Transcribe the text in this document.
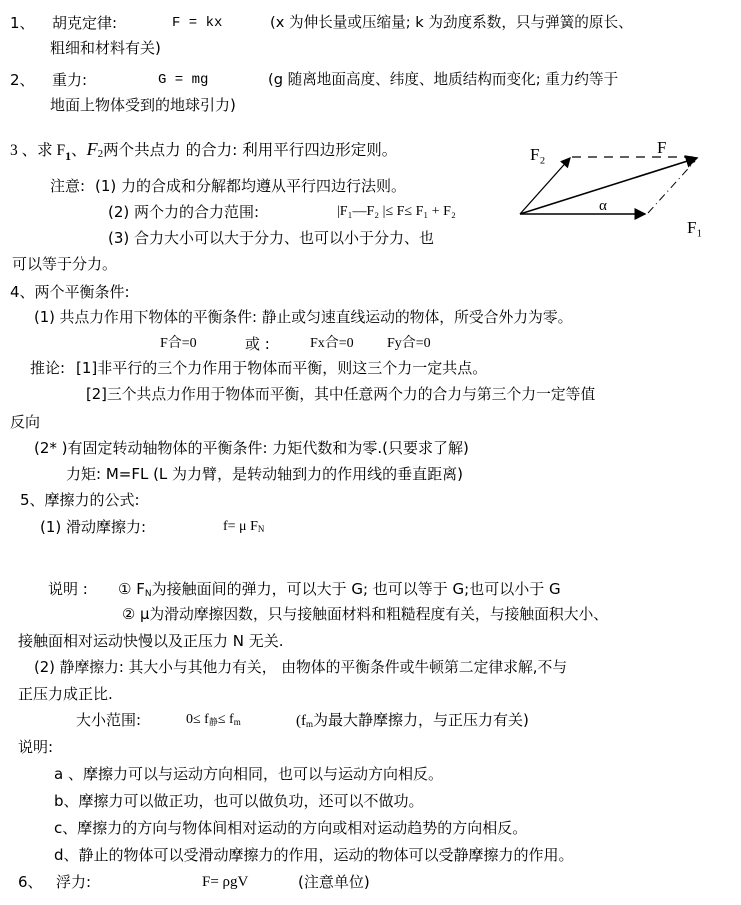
1、 胡克定律:	F = kx	(x 为伸长量或压缩量; k 为劲度系数，只与弹簧的原长、
粗细和材料有关)
2、 重力:	G = mg	(g 随离地面高度、纬度、地质结构而变化; 重力约等于
地面上物体受到的地球引力)
3 、求 $F_1$、$F_2$两个共点力 的合力: 利用平行四边形定则。
注意: (1) 力的合成和分解都均遵从平行四边行法则。
(2) 两个力的合力范围:	|F₁—F₂ |≤ F≤ F₁ + F₂
(3) 合力大小可以大于分力、也可以小于分力、也
可以等于分力。
F₂	F
F₁
α
4、两个平衡条件:
(1) 共点力作用下物体的平衡条件: 静止或匀速直线运动的物体，所受合外力为零。
F合=0	或 :	Fx合=0 Fy合=0
推论: [1]非平行的三个力作用于物体而平衡，则这三个力一定共点。
[2]三个共点力作用于物体而平衡，其中任意两个力的合力与第三个力一定等值
反向
(2* )有固定转动轴物体的平衡条件: 力矩代数和为零.(只要求了解)
力矩: M=FL (L 为力臂，是转动轴到力的作用线的垂直距离)
5、摩擦力的公式:
(1) 滑动摩擦力:	f= μ $F_N$
说明 : ① $F_N$为接触面间的弹力，可以大于 G; 也可以等于 G;也可以小于 G
② μ为滑动摩擦因数，只与接触面材料和粗糙程度有关，与接触面积大小、
接触面相对运动快慢以及正压力 N 无关.
(2) 静摩擦力: 其大小与其他力有关， 由物体的平衡条件或牛顿第二定律求解,不与
正压力成正比.
大小范围:	$0\le f_静\le f_m$	($f_m$为最大静摩擦力，与正压力有关)
说明:
a 、摩擦力可以与运动方向相同，也可以与运动方向相反。
b、摩擦力可以做正功，也可以做负功，还可以不做功。
c、摩擦力的方向与物体间相对运动的方向或相对运动趋势的方向相反。
d、静止的物体可以受滑动摩擦力的作用，运动的物体可以受静摩擦力的作用。
6、 浮力:	F= ρgV	(注意单位)
